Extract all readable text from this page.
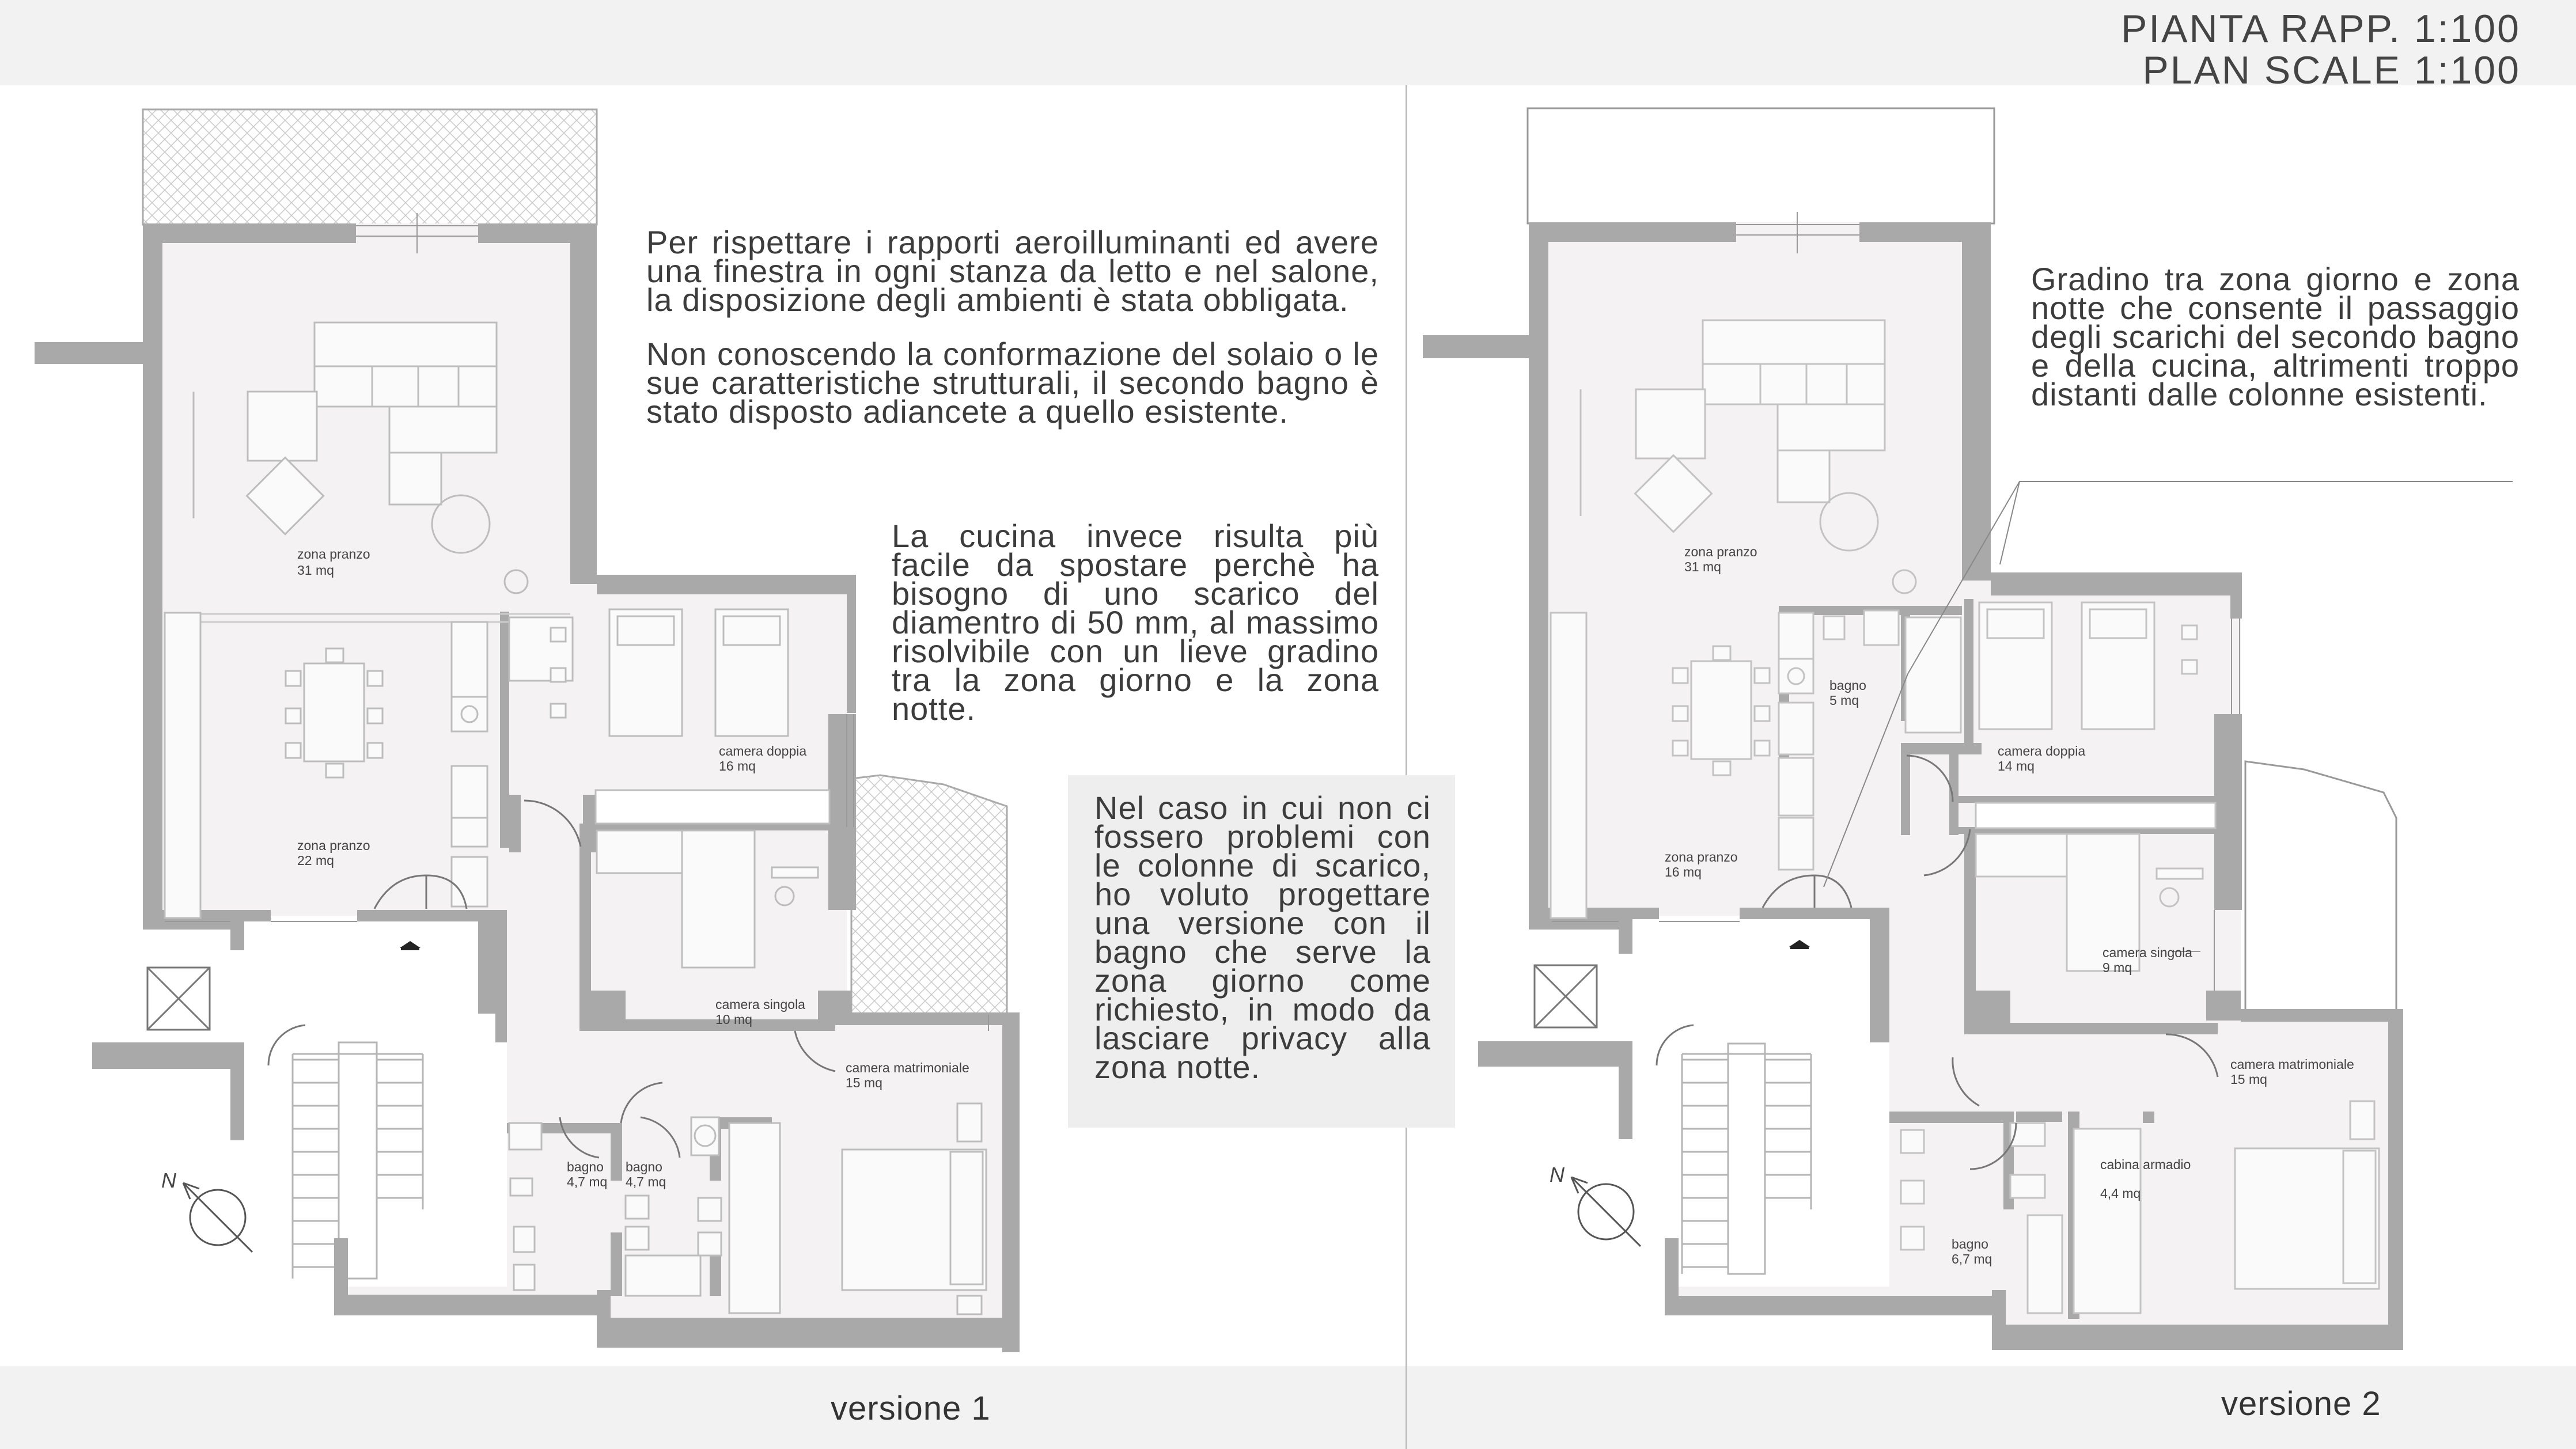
PIANTA RAPP. 1:100
PLAN SCALE 1:100
N
zona pranzo
31 mq
zona pranzo
22 mq
camera doppia
16 mq
camera singola
10 mq
camera matrimoniale
15 mq
bagno
4,7 mq
bagno
4,7 mq	N
zona pranzo
31 mq
bagno
5 mq
zona pranzo
16 mq
camera doppia
14 mq
camera singola
9 mq
camera matrimoniale
15 mq
cabina armadio
4,4 mq
bagno
6,7 mq
Per rispettare i rapporti aeroilluminanti ed avere una finestra in ogni stanza da letto e nel salone, la disposizione degli ambienti è stata obbligata.
Non conoscendo la conformazione del solaio o le sue caratteristiche strutturali, il secondo bagno è stato disposto adiancete a quello esistente.
La cucina invece risulta più facile da spostare perchè ha bisogno di uno scarico del diamentro di 50 mm, al massimo risolvibile con un lieve gradino tra la zona giorno e la zona notte.
Nel caso in cui non ci fossero problemi con le colonne di scarico, ho voluto progettare una versione con il bagno che serve la zona giorno come richiesto, in modo da lasciare privacy alla zona notte.
Gradino tra zona giorno e zona notte che consente il passaggio degli scarichi del secondo bagno e della cucina, altrimenti troppo distanti dalle colonne esistenti.
versione 1	versione 2
